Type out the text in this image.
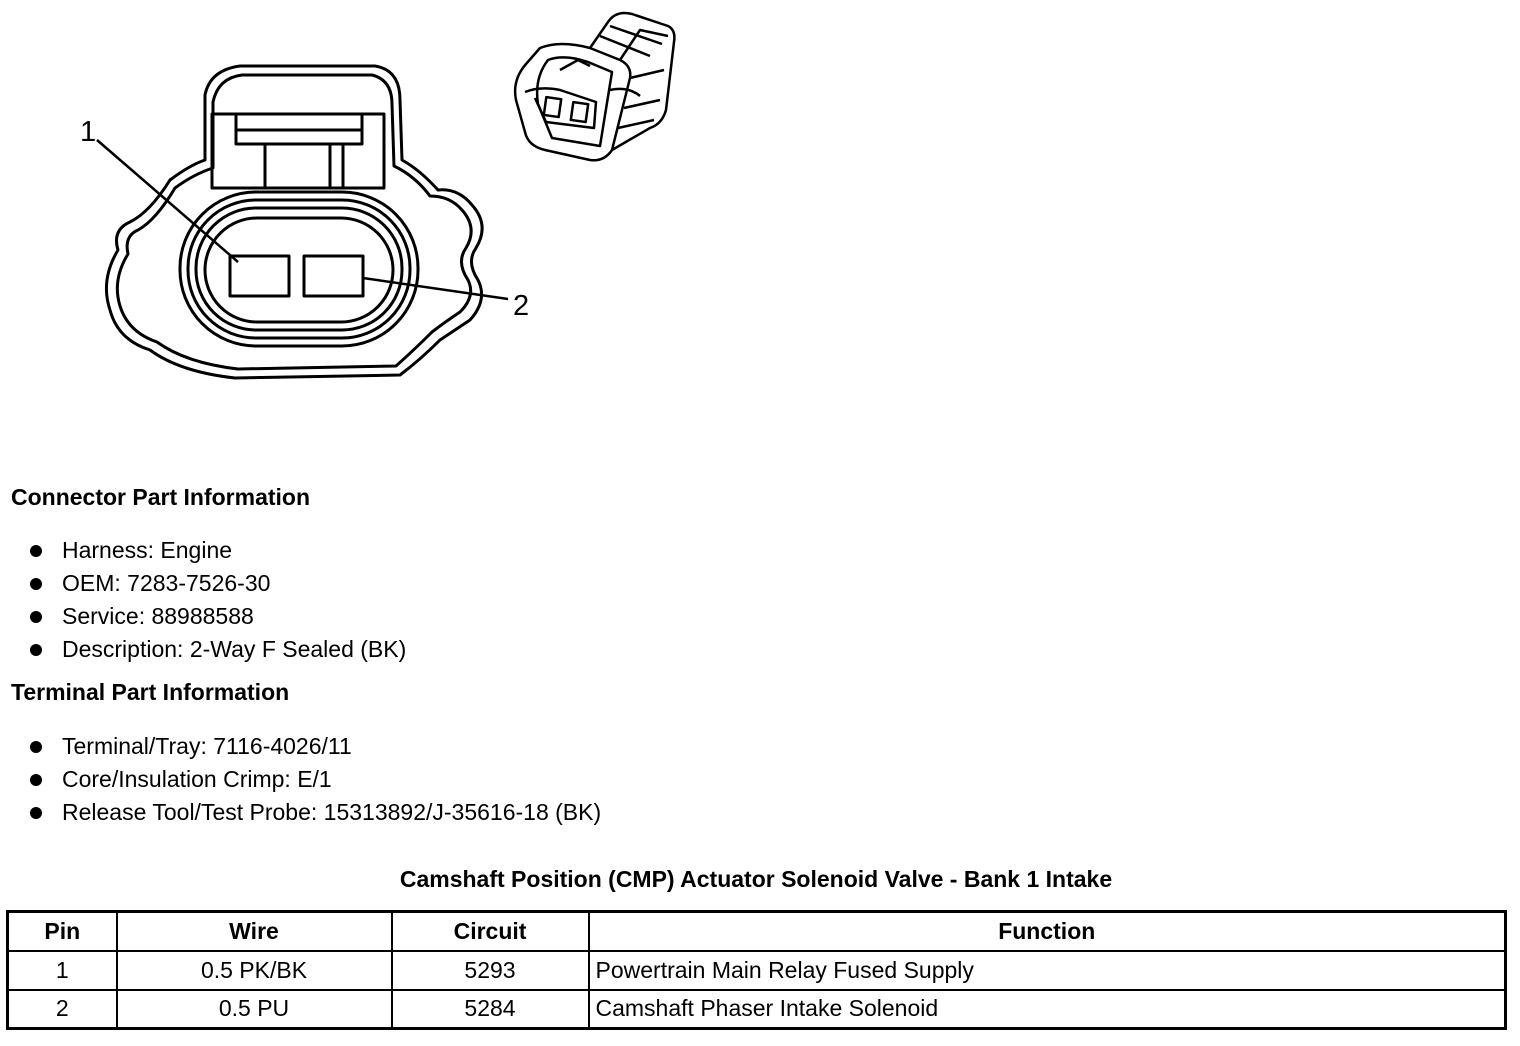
1
2
Connector Part Information
Harness: Engine
OEM: 7283-7526-30
Service: 88988588
Description: 2-Way F Sealed (BK)
Terminal Part Information
Terminal/Tray: 7116-4026/11
Core/Insulation Crimp: E/1
Release Tool/Test Probe: 15313892/J-35616-18 (BK)
Camshaft Position (CMP) Actuator Solenoid Valve - Bank 1 Intake
Pin	Wire	Circuit	Function
1	0.5 PK/BK	5293	Powertrain Main Relay Fused Supply
2	0.5 PU	5284	Camshaft Phaser Intake Solenoid
